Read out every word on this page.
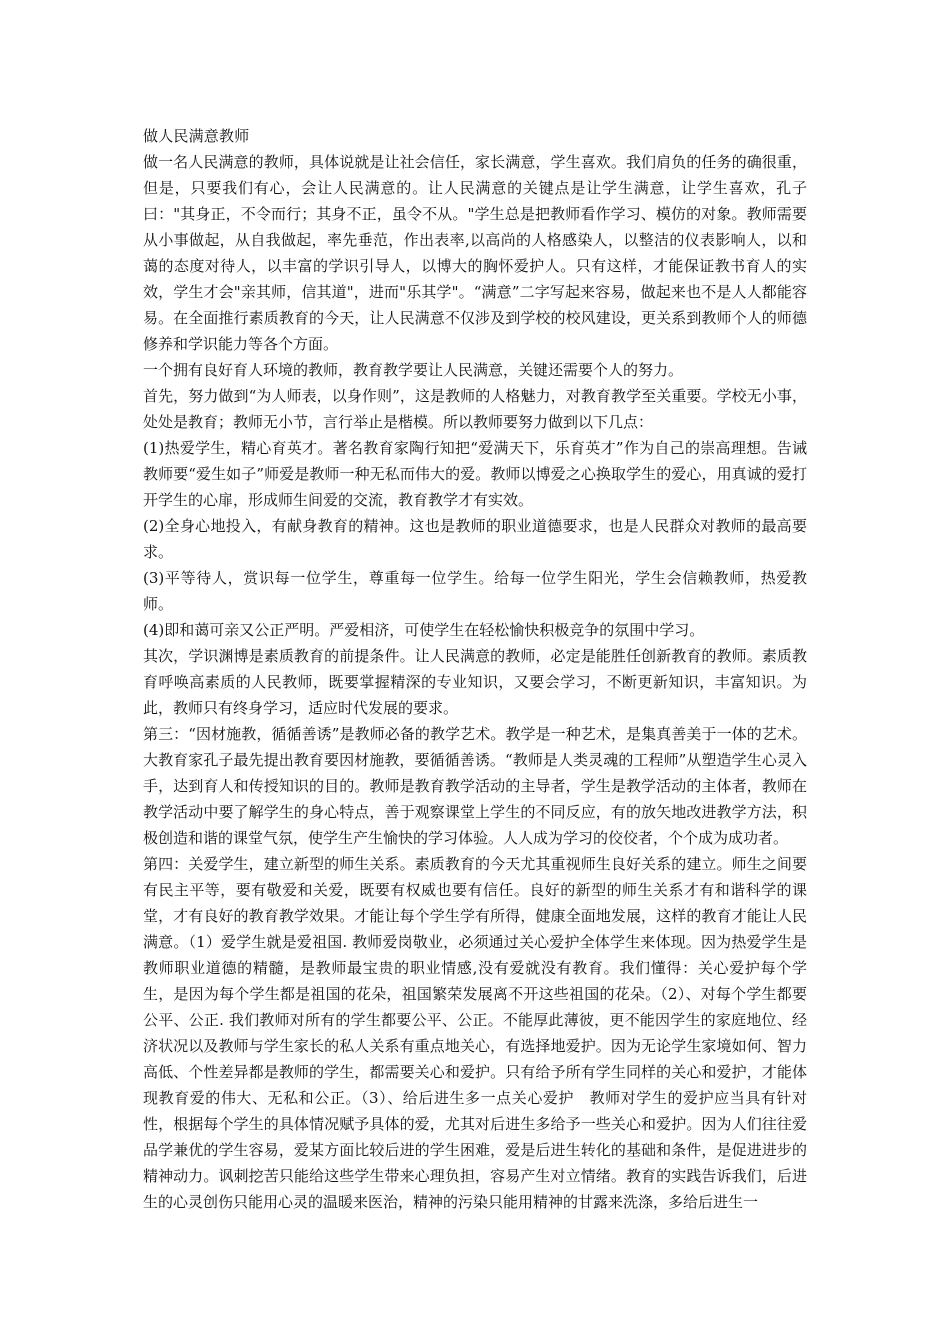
做人民满意教师

做一名人民满意的教师，具体说就是让社会信任，家长满意，学生喜欢。我们肩负的任务的确很重，但是，只要我们有心，会让人民满意的。让人民满意的关键点是让学生满意，让学生喜欢，孔子曰："其身正，不令而行；其身不正，虽令不从。"学生总是把教师看作学习、模仿的对象。教师需要从小事做起，从自我做起，率先垂范，作出表率,以高尚的人格感染人，以整洁的仪表影响人，以和蔼的态度对待人，以丰富的学识引导人，以博大的胸怀爱护人。只有这样，才能保证教书育人的实效，学生才会"亲其师，信其道"，进而"乐其学"。“满意”二字写起来容易，做起来也不是人人都能容易。在全面推行素质教育的今天，让人民满意不仅涉及到学校的校风建设，更关系到教师个人的师德修养和学识能力等各个方面。

一个拥有良好育人环境的教师，教育教学要让人民满意，关键还需要个人的努力。

首先，努力做到“为人师表，以身作则”，这是教师的人格魅力，对教育教学至关重要。学校无小事，处处是教育；教师无小节，言行举止是楷模。所以教师要努力做到以下几点：

(1)热爱学生，精心育英才。著名教育家陶行知把“爱满天下，乐育英才”作为自己的崇高理想。告诫教师要“爱生如子”师爱是教师一种无私而伟大的爱。教师以博爱之心换取学生的爱心，用真诚的爱打开学生的心扉，形成师生间爱的交流，教育教学才有实效。

(2)全身心地投入，有献身教育的精神。这也是教师的职业道德要求，也是人民群众对教师的最高要求。

(3)平等待人，赏识每一位学生，尊重每一位学生。给每一位学生阳光，学生会信赖教师，热爱教师。

(4)即和蔼可亲又公正严明。严爱相济，可使学生在轻松愉快积极竞争的氛围中学习。

其次，学识渊博是素质教育的前提条件。让人民满意的教师，必定是能胜任创新教育的教师。素质教育呼唤高素质的人民教师，既要掌握精深的专业知识，又要会学习，不断更新知识，丰富知识。为此，教师只有终身学习，适应时代发展的要求。

第三：“因材施教，循循善诱”是教师必备的教学艺术。教学是一种艺术，是集真善美于一体的艺术。大教育家孔子最先提出教育要因材施教，要循循善诱。“教师是人类灵魂的工程师”从塑造学生心灵入手，达到育人和传授知识的目的。教师是教育教学活动的主导者，学生是教学活动的主体者，教师在教学活动中要了解学生的身心特点，善于观察课堂上学生的不同反应，有的放矢地改进教学方法，积极创造和谐的课堂气氛，使学生产生愉快的学习体验。人人成为学习的佼佼者，个个成为成功者。

第四：关爱学生，建立新型的师生关系。素质教育的今天尤其重视师生良好关系的建立。师生之间要有民主平等，要有敬爱和关爱，既要有权威也要有信任。良好的新型的师生关系才有和谐科学的课堂，才有良好的教育教学效果。才能让每个学生学有所得，健康全面地发展，这样的教育才能让人民满意。（1）爱学生就是爱祖国. 教师爱岗敬业，必须通过关心爱护全体学生来体现。因为热爱学生是教师职业道德的精髓，是教师最宝贵的职业情感,没有爱就没有教育。我们懂得：关心爱护每个学生，是因为每个学生都是祖国的花朵，祖国繁荣发展离不开这些祖国的花朵。（2）、对每个学生都要公平、公正. 我们教师对所有的学生都要公平、公正。不能厚此薄彼，更不能因学生的家庭地位、经济状况以及教师与学生家长的私人关系有重点地关心，有选择地爱护。因为无论学生家境如何、智力高低、个性差异都是教师的学生，都需要关心和爱护。只有给予所有学生同样的关心和爱护，才能体现教育爱的伟大、无私和公正。（3）、给后进生多一点关心爱护　教师对学生的爱护应当具有针对性，根据每个学生的具体情况赋予具体的爱，尤其对后进生多给予一些关心和爱护。因为人们往往爱品学兼优的学生容易，爱某方面比较后进的学生困难，爱是后进生转化的基础和条件，是促进进步的精神动力。讽刺挖苦只能给这些学生带来心理负担，容易产生对立情绪。教育的实践告诉我们，后进生的心灵创伤只能用心灵的温暖来医治，精神的污染只能用精神的甘露来洗涤，多给后进生一
